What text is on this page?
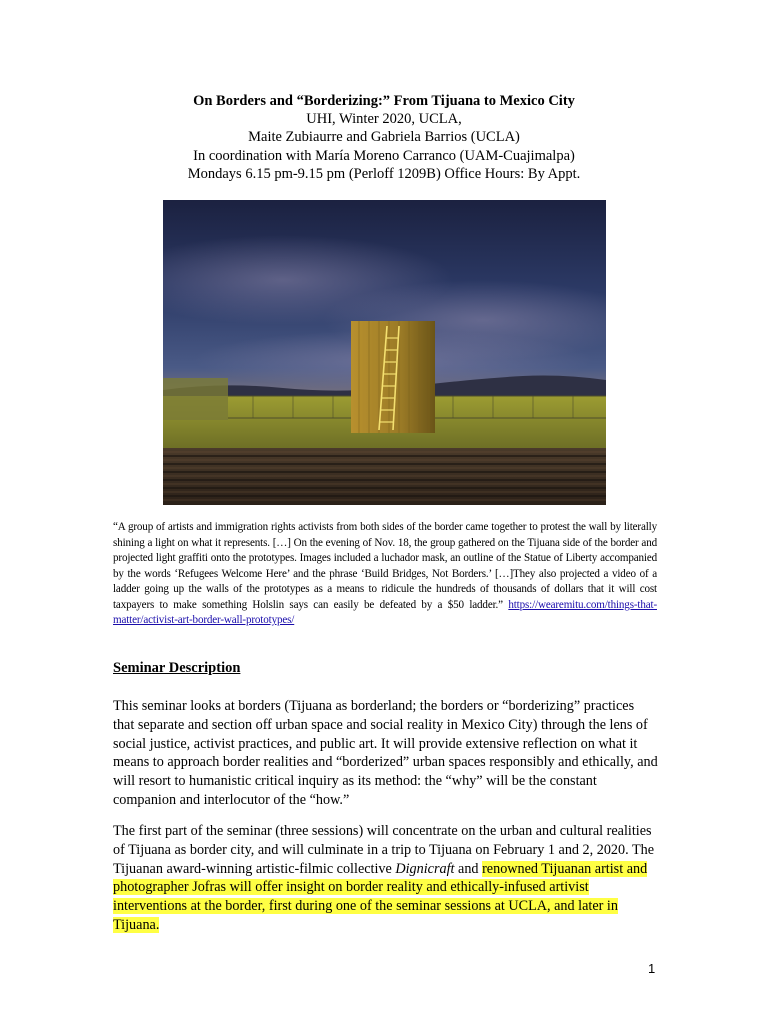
On Borders and “Borderizing:” From Tijuana to Mexico City
UHI, Winter 2020, UCLA,
Maite Zubiaurre and Gabriela Barrios (UCLA)
In coordination with María Moreno Carranco (UAM-Cuajimalpa)
Mondays 6.15 pm-9.15 pm (Perloff 1209B) Office Hours: By Appt.
“A group of artists and immigration rights activists from both sides of the border came together to protest the wall by literally shining a light on what it represents. […] On the evening of Nov. 18, the group gathered on the Tijuana side of the border and projected light graffiti onto the prototypes. Images included a luchador mask, an outline of the Statue of Liberty accompanied by the words ‘Refugees Welcome Here’ and the phrase ‘Build Bridges, Not Borders.’ […]They also projected a video of a ladder going up the walls of the prototypes as a means to ridicule the hundreds of thousands of dollars that it will cost taxpayers to make something Holslin says can easily be defeated by a $50 ladder.” https://wearemitu.com/things-that-matter/activist-art-border-wall-prototypes/
Seminar Description
This seminar looks at borders (Tijuana as borderland; the borders or “borderizing” practices that separate and section off urban space and social reality in Mexico City) through the lens of social justice, activist practices, and public art. It will provide extensive reflection on what it means to approach border realities and “borderized” urban spaces responsibly and ethically, and will resort to humanistic critical inquiry as its method: the “why” will be the constant companion and interlocutor of the “how.”
The first part of the seminar (three sessions) will concentrate on the urban and cultural realities of Tijuana as border city, and will culminate in a trip to Tijuana on February 1 and 2, 2020. The Tijuanan award-winning artistic-filmic collective Dignicraft and renowned Tijuanan artist and photographer Jofras will offer insight on border reality and ethically-infused artivist interventions at the border, first during one of the seminar sessions at UCLA, and later in Tijuana.
1
